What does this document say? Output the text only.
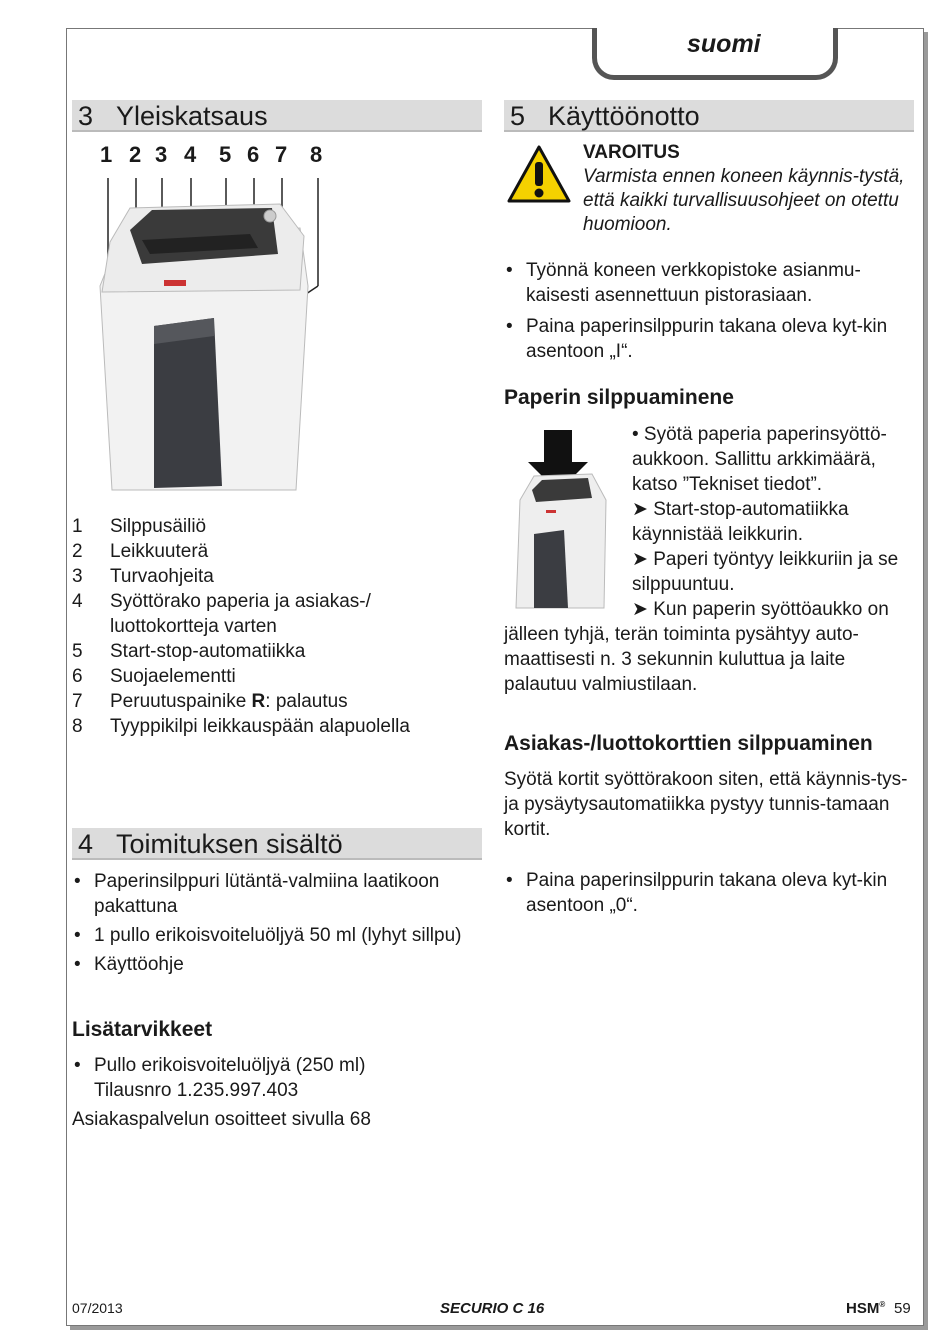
suomi
3 Yleiskatsaus
1 2 3 4 5 6 7 8
1	Silppusäiliö
2	Leikkuuterä
3	Turvaohjeita
4	Syöttörako paperia ja asiakas-/
luottokortteja varten
5	Start-stop-automatiikka
6	Suojaelementti
7	Peruutuspainike R: palautus
8	Tyyppikilpi leikkauspään alapuolella
4 Toimituksen sisältö
• Paperinsilppuri lütäntä-valmiina laatikoon pakattuna
• 1 pullo erikoisvoiteluöljyä 50 ml (lyhyt sillpu)
• Käyttöohje
Lisätarvikkeet
• Pullo erikoisvoiteluöljyä (250 ml) Tilausnro 1.235.997.403
Asiakaspalvelun osoitteet sivulla 68
5 Käyttöönotto
VAROITUS
Varmista ennen koneen käynnis-tystä, että kaikki turvallisuusohjeet on otettu huomioon.
• Työnnä koneen verkkopistoke asianmu-kaisesti asennettuun pistorasiaan.
• Paina paperinsilppurin takana oleva kyt-kin asentoon „I“.
Paperin silppuaminene
• Syötä paperia paperinsyöttö-aukkoon. Sallittu arkkimäärä, katso ”Tekniset tiedot”.
➤ Start-stop-automatiikka käynnistää leikkurin.
➤ Paperi työntyy leikkuriin ja se silppuuntuu.
➤ Kun paperin syöttöaukko on
jälleen tyhjä, terän toiminta pysähtyy auto-maattisesti n. 3 sekunnin kuluttua ja laite palautuu valmiustilaan.
Asiakas-/luottokorttien silppuaminen
Syötä kortit syöttörakoon siten, että käynnis-tys- ja pysäytysautomatiikka pystyy tunnis-tamaan kortit.
• Paina paperinsilppurin takana oleva kyt-kin asentoon „0“.
07/2013	SECURIO C 16	HSM® 59
